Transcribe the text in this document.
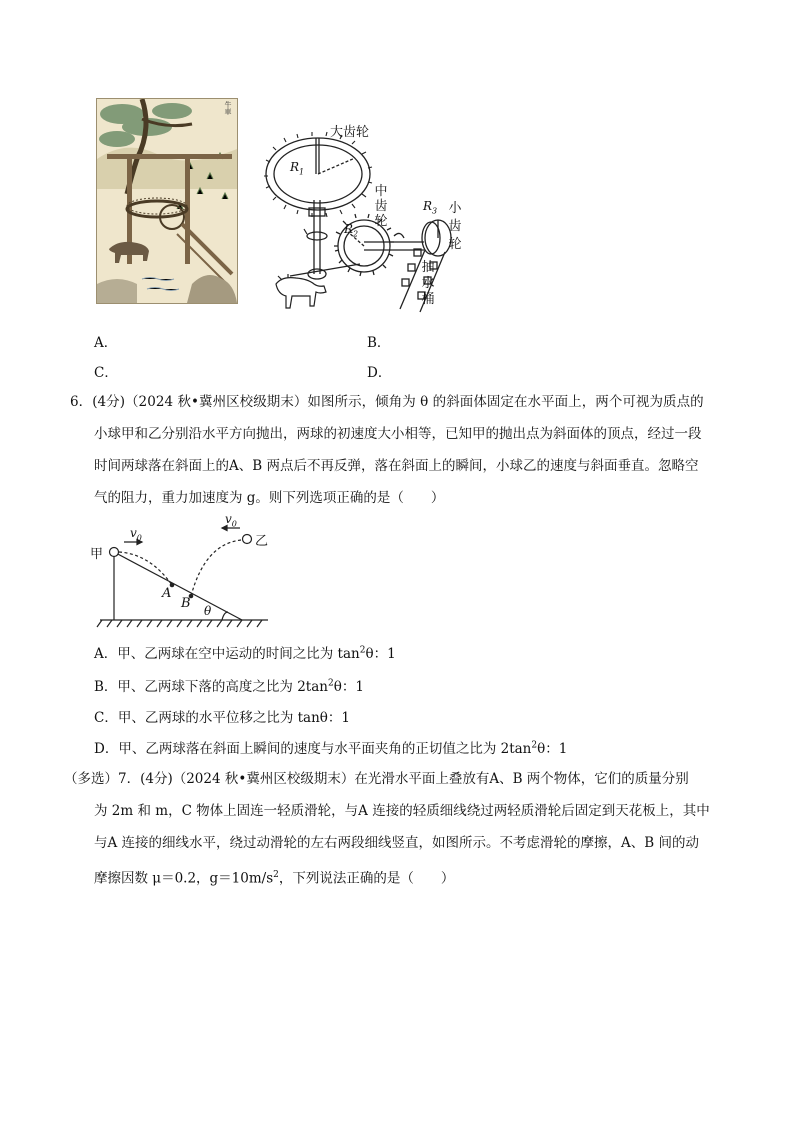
牛車
大齿轮
$R_1$
$R_2$
$R_3$
中
齿
轮
小
齿
轮
抽
水
桶
A．	B．
C．	D．
6．(4分)（2024 秋•冀州区校级期末）如图所示，倾角为 θ 的斜面体固定在水平面上，两个可视为质点的
小球甲和乙分别沿水平方向抛出，两球的初速度大小相等，已知甲的抛出点为斜面体的顶点，经过一段
时间两球落在斜面上的A、B 两点后不再反弹，落在斜面上的瞬间，小球乙的速度与斜面垂直。忽略空
气的阻力，重力加速度为 g。则下列选项正确的是（　　）
甲
乙
$v_0$
$v_0$
A
B θ
A．甲、乙两球在空中运动的时间之比为 $\tan^2\theta$：1
B．甲、乙两球下落的高度之比为 $2\tan^2\theta$：1
C．甲、乙两球的水平位移之比为 tanθ：1
D．甲、乙两球落在斜面上瞬间的速度与水平面夹角的正切值之比为 $2\tan^2\theta$：1
（多选）7．(4分)（2024 秋•冀州区校级期末）在光滑水平面上叠放有A、B 两个物体，它们的质量分别
为 2m 和 m，C 物体上固连一轻质滑轮，与A 连接的轻质细线绕过两轻质滑轮后固定到天花板上，其中
与A 连接的细线水平，绕过动滑轮的左右两段细线竖直，如图所示。不考虑滑轮的摩擦，A、B 间的动
摩擦因数 μ＝0.2，$g=10m/s^2$，下列说法正确的是（　　）
